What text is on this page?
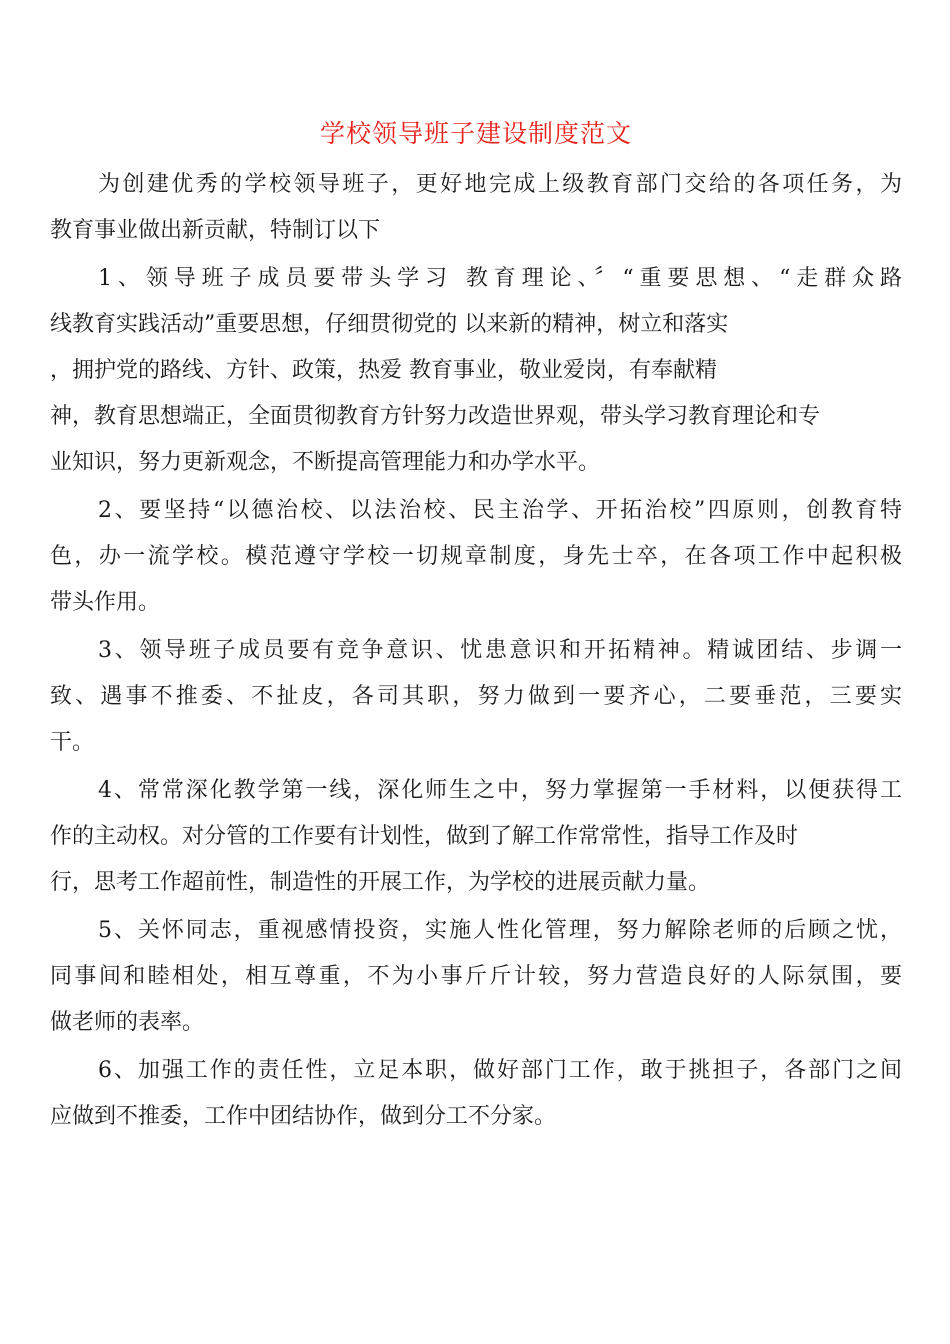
学校领导班子建设制度范文
为创建优秀的学校领导班子，更好地完成上级教育部门交给的各项任务，为
教育事业做出新贡献，特制订以下
1、领导班子成员要带头学习 教育理论、〞“重要思想、“走群众路
线教育实践活动”重要思想，仔细贯彻党的 以来新的精神，树立和落实
，拥护党的路线、方针、政策，热爱 教育事业，敬业爱岗，有奉献精
神，教育思想端正，全面贯彻教育方针努力改造世界观，带头学习教育理论和专
业知识，努力更新观念，不断提高管理能力和办学水平。
2、要坚持“以德治校、以法治校、民主治学、开拓治校”四原则，创教育特
色，办一流学校。模范遵守学校一切规章制度，身先士卒，在各项工作中起积极
带头作用。
3、领导班子成员要有竞争意识、忧患意识和开拓精神。精诚团结、步调一
致、遇事不推委、不扯皮，各司其职，努力做到一要齐心，二要垂范，三要实
干。
4、常常深化教学第一线，深化师生之中，努力掌握第一手材料，以便获得工
作的主动权。对分管的工作要有计划性，做到了解工作常常性，指导工作及时
行，思考工作超前性，制造性的开展工作，为学校的进展贡献力量。
5、关怀同志，重视感情投资，实施人性化管理，努力解除老师的后顾之忧，
同事间和睦相处，相互尊重，不为小事斤斤计较，努力营造良好的人际氛围，要
做老师的表率。
6、加强工作的责任性，立足本职，做好部门工作，敢于挑担子，各部门之间
应做到不推委，工作中团结协作，做到分工不分家。
